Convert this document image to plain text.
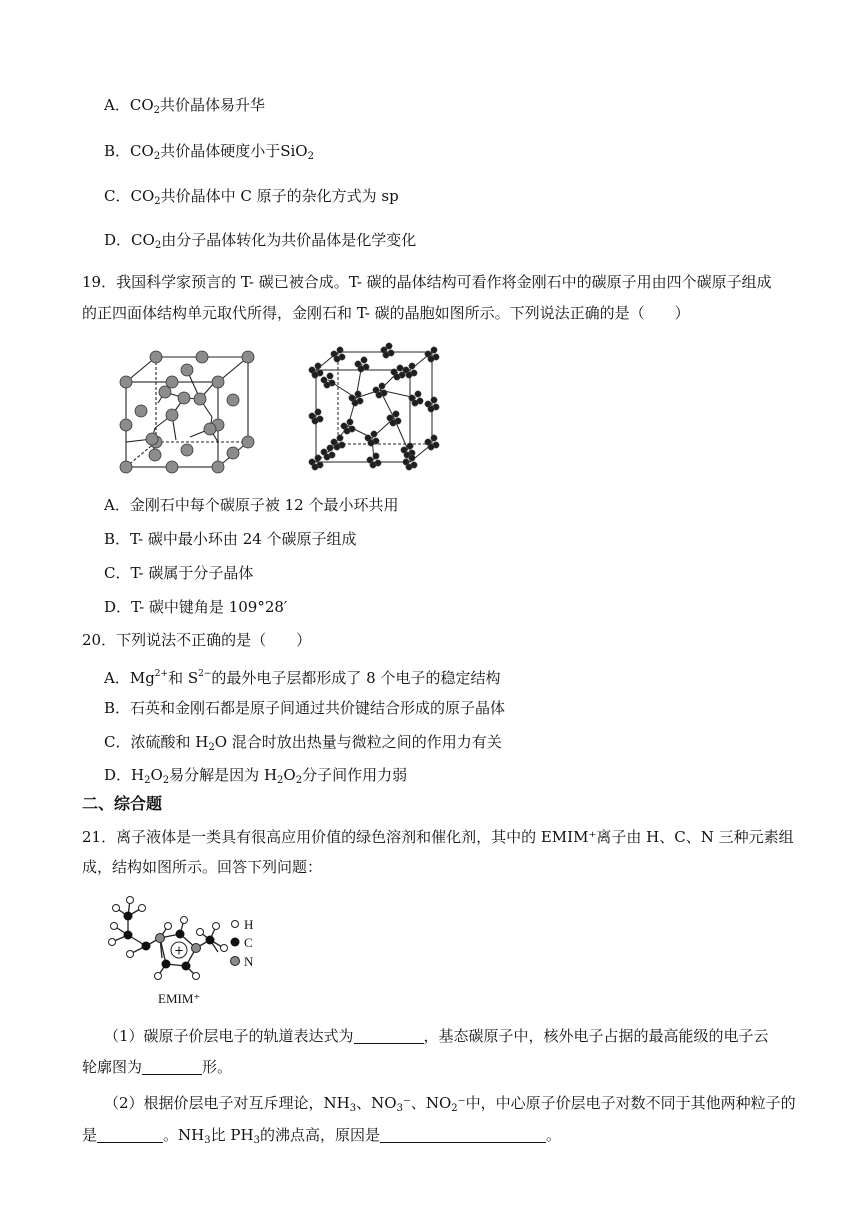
A．$CO_2$共价晶体易升华
B．$CO_2$共价晶体硬度小于SiO$_2$
C．$CO_2$共价晶体中 C 原子的杂化方式为 sp
D．$CO_2$由分子晶体转化为共价晶体是化学变化
19．我国科学家预言的 T- 碳已被合成。T- 碳的晶体结构可看作将金刚石中的碳原子用由四个碳原子组成
的正四面体结构单元取代所得，金刚石和 T- 碳的晶胞如图所示。下列说法正确的是（　　）
A．金刚石中每个碳原子被 12 个最小环共用
B．T- 碳中最小环由 24 个碳原子组成
C．T- 碳属于分子晶体
D．T- 碳中键角是 109°28′
20．下列说法不正确的是（　　）
A．$Mg^{2+}$和 $S^{2-}$的最外电子层都形成了 8 个电子的稳定结构
B．石英和金刚石都是原子间通过共价键结合形成的原子晶体
C．浓硫酸和 $H_2O$ 混合时放出热量与微粒之间的作用力有关
D．$H_2O_2$易分解是因为 $H_2O_2$分子间作用力弱
二、综合题
21．离子液体是一类具有很高应用价值的绿色溶剂和催化剂，其中的 EMIM⁺离子由 H、C、N 三种元素组
成，结构如图所示。回答下列问题：
+
H
C
N
EMIM⁺
（1）碳原子价层电子的轨道表达式为	，基态碳原子中，核外电子占据的最高能级的电子云
轮廓图为	形。
（2）根据价层电子对互斥理论，$NH_3$、$NO_3^-$、$NO_2^-$中，中心原子价层电子对数不同于其他两种粒子的
是	。$NH_3$比 $PH_3$的沸点高，原因是	。
